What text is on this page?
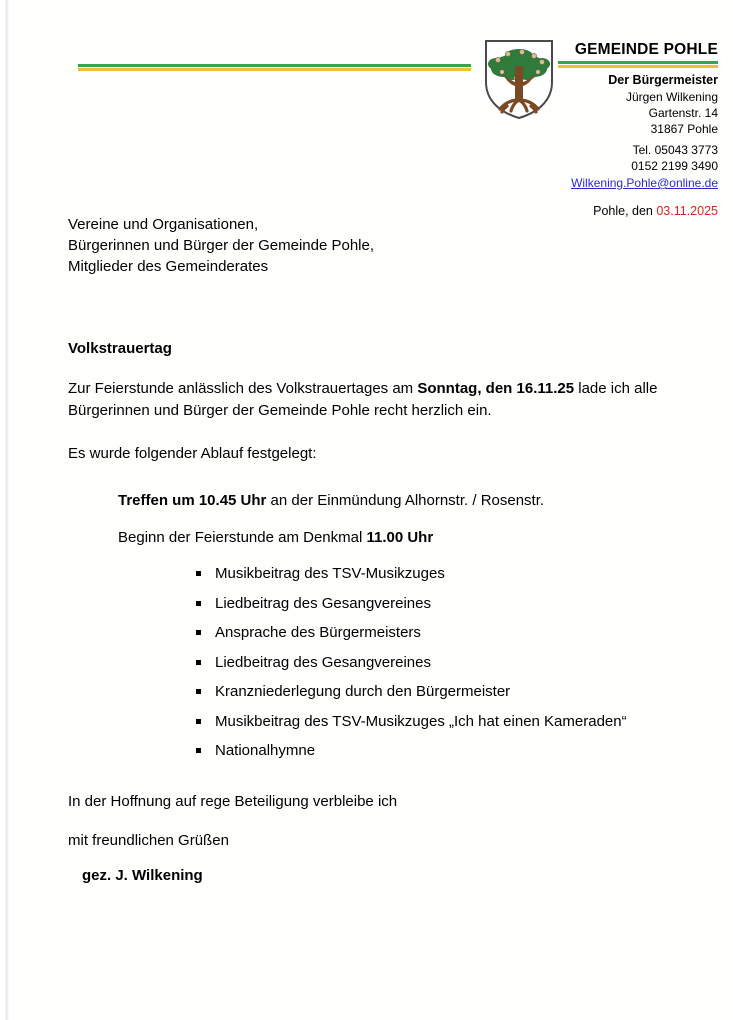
GEMEINDE POHLE
Der Bürgermeister
Jürgen Wilkening
Gartenstr. 14
31867 Pohle
Tel. 05043 3773
0152 2199 3490
Wilkening.Pohle@online.de
Pohle, den 03.11.2025
Vereine und Organisationen,
Bürgerinnen und Bürger der Gemeinde Pohle,
Mitglieder des Gemeinderates
Volkstrauertag
Zur Feierstunde anlässlich des Volkstrauertages am Sonntag, den 16.11.25 lade ich alle Bürgerinnen und Bürger der Gemeinde Pohle recht herzlich ein.
Es wurde folgender Ablauf festgelegt:
Treffen um 10.45 Uhr an der Einmündung Alhornstr. / Rosenstr.
Beginn der Feierstunde am Denkmal 11.00 Uhr
Musikbeitrag des TSV-Musikzuges
Liedbeitrag des Gesangvereines
Ansprache des Bürgermeisters
Liedbeitrag des Gesangvereines
Kranzniederlegung durch den Bürgermeister
Musikbeitrag des TSV-Musikzuges „Ich hat einen Kameraden“
Nationalhymne
In der Hoffnung auf rege Beteiligung verbleibe ich
mit freundlichen Grüßen
gez. J. Wilkening
